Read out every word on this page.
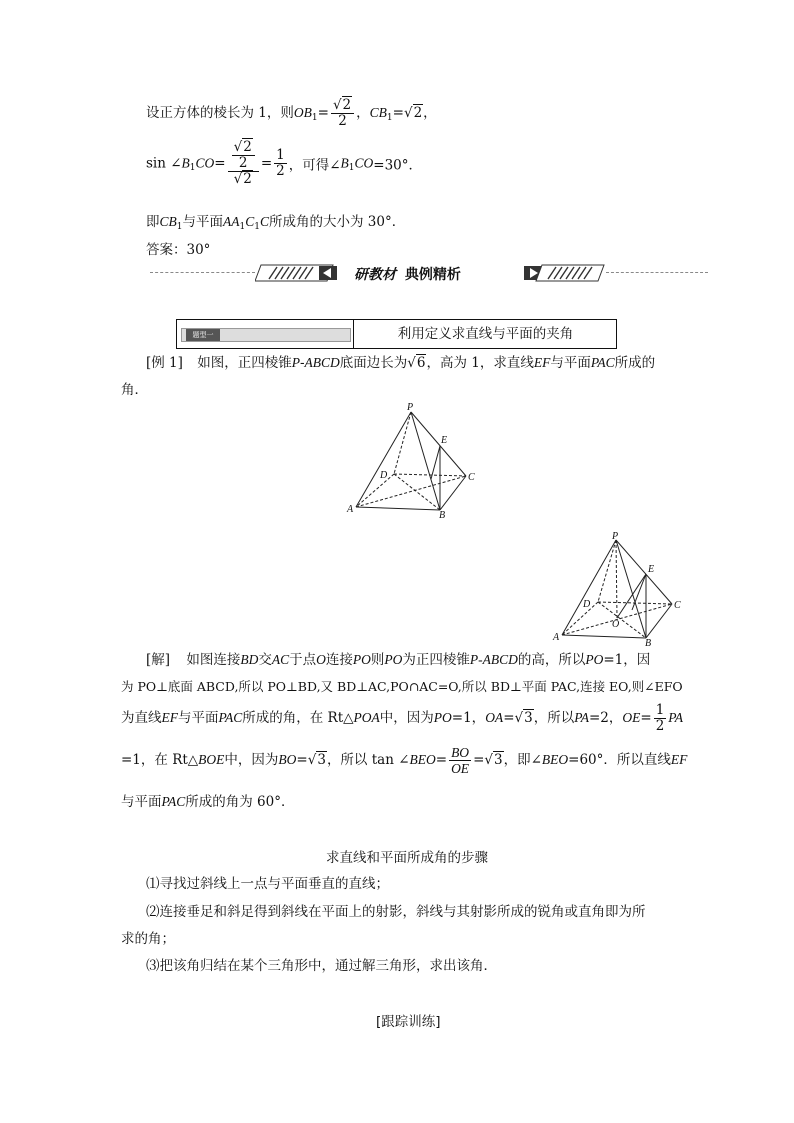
设正方体的棱长为 1，则$OB_1= \frac{√2}{2}$ ，$CB_1=√2$，
$\sin \angle B_1CO= \frac{\frac{√2}{2}}{√2} = \frac{1}{2}$ ，可得$\angle B_1CO=30^\circ$．
即$CB_1$与平面$AA_1C_1C$所成角的大小为 30°．
答案：30°
研教材 典例精析
题型一	利用定义求直线与平面的夹角
[例 1] 如图，正四棱锥P-ABCD底面边长为√6，高为 1，求直线EF与平面PAC所成的
角．
P
E
D	C
A
B
P
E
D	C
O
A
B
[解] 如图连接BD交AC于点O连接PO则PO为正四棱锥P-ABCD的高，所以PO=1，因
为 PO⊥底面 ABCD,所以 PO⊥BD,又 BD⊥AC,PO∩AC=O,所以 BD⊥平面 PAC,连接 EO,则∠EFO
为直线EF与平面PAC所成的角，在 Rt△POA中，因为PO=1，OA=√3，所以PA=2，$OE= \frac{1}{2}$ PA
=1，在 Rt△BOE中，因为BO=√3，所以 tan ∠BEO= $\frac{BO}{OE} =√3$，即∠BEO=60°．所以直线EF
与平面PAC所成的角为 60°．
求直线和平面所成角的步骤
⑴寻找过斜线上一点与平面垂直的直线；
⑵连接垂足和斜足得到斜线在平面上的射影，斜线与其射影所成的锐角或直角即为所
求的角；
⑶把该角归结在某个三角形中，通过解三角形，求出该角．
[跟踪训练]
